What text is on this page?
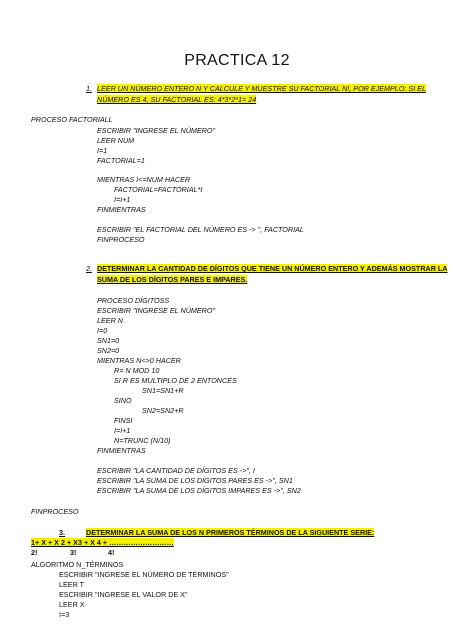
PRACTICA 12
1. LEER UN NÚMERO ENTERO N Y CALCULE Y MUESTRE SU FACTORIAL N!, POR EJEMPLO: SI EL
NÚMERO ES 4, SU FACTORIAL ES: 4*3*2*1= 24
PROCESO FACTORIALL
ESCRIBIR "INGRESE EL NÚMERO"
LEER NUM
I=1
FACTORIAL=1
MIENTRAS I<=NUM HACER
FACTORIAL=FACTORIAL*I
I=I+1
FINMIENTRAS
ESCRIBIR "EL FACTORIAL DEL NÚMERO ES -> ", FACTORIAL
FINPROCESO
2. DETERMINAR LA CANTIDAD DE DÍGITOS QUE TIENE UN NÚMERO ENTERO Y ADEMÁS MOSTRAR LA
SUMA DE LOS DÍGITOS PARES E IMPARES.
PROCESO DÍGITOSS
ESCRIBIR "INGRESE EL NÚMERO"
LEER N
I=0
SN1=0
SN2=0
MIENTRAS N<>0 HACER
R= N MOD 10
SI R ES MULTIPLO DE 2 ENTONCES
SN1=SN1+R
SINO
SN2=SN2+R
FINSI
I=I+1
N=TRUNC (N/10)
FINMIENTRAS
ESCRIBIR "LA CANTIDAD DE DÍGITOS ES ->", I
ESCRIBIR "LA SUMA DE LOS DÍGITOS PARES ES ->", SN1
ESCRIBIR "LA SUMA DE LOS DÍGITOS IMPARES ES ->", SN2
FINPROCESO
3.	DETERMINAR LA SUMA DE LOS N PRIMEROS TÉRMINOS DE LA SIGUIENTE SERIE:
1+ X + X 2 + X3 + X 4 + ………………………
2!	3!	4!
ALGORITMO N_TÉRMINOS
ESCRIBIR "INGRESE EL NÚMERO DE TÉRMINOS"
LEER T
ESCRIBIR "INGRESE EL VALOR DE X"
LEER X
I=3
